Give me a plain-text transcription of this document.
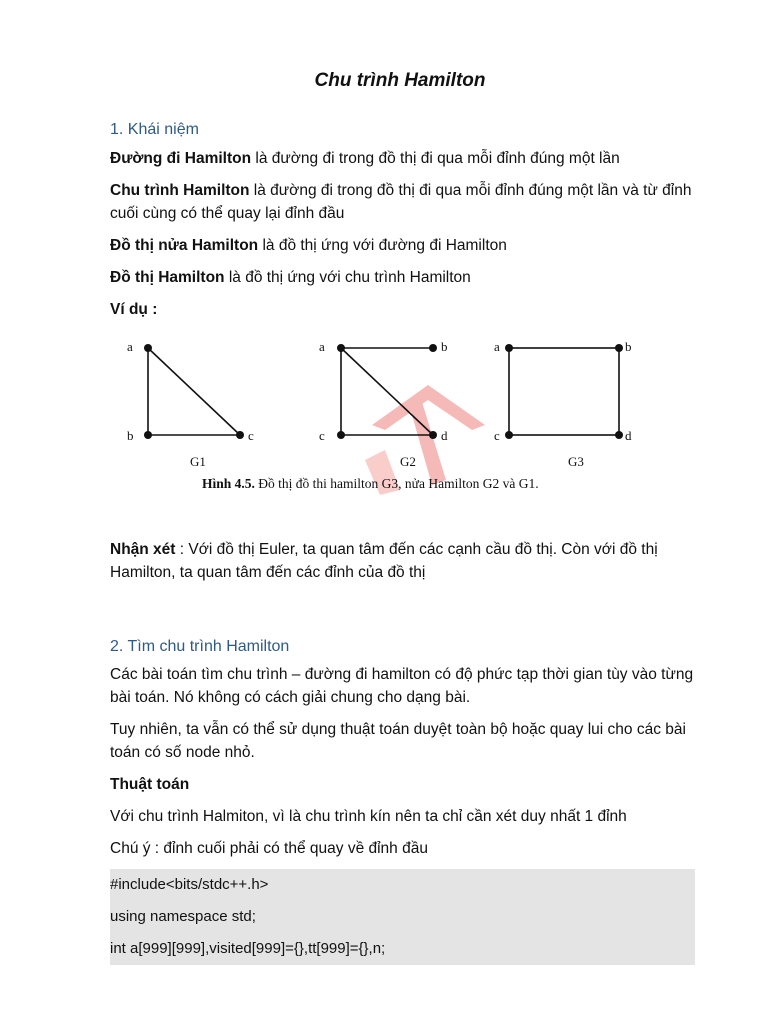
Chu trình Hamilton
1. Khái niệm
Đường đi Hamilton là đường đi trong đồ thị đi qua mỗi đỉnh đúng một lần
Chu trình Hamilton là đường đi trong đồ thị đi qua mỗi đỉnh đúng một lần và từ đỉnh cuối cùng có thể quay lại đỉnh đầu
Đồ thị nửa Hamilton là đồ thị ứng với đường đi Hamilton
Đồ thị Hamilton là đồ thị ứng với chu trình Hamilton
Ví dụ :
a
b	c
G1
a	b
c	d
G2
a	b
c	d
G3
Hình 4.5. Đồ thị đồ thi hamilton G3, nửa Hamilton G2 và G1.
Nhận xét : Với đồ thị Euler, ta quan tâm đến các cạnh cầu đồ thị. Còn với đồ thị Hamilton, ta quan tâm đến các đỉnh của đồ thị
2. Tìm chu trình Hamilton
Các bài toán tìm chu trình – đường đi hamilton có độ phức tạp thời gian tùy vào từng bài toán. Nó không có cách giải chung cho dạng bài.
Tuy nhiên, ta vẫn có thể sử dụng thuật toán duyệt toàn bộ hoặc quay lui cho các bài toán có số node nhỏ.
Thuật toán
Với chu trình Halmiton, vì là chu trình kín nên ta chỉ cần xét duy nhất 1 đỉnh
Chú ý : đỉnh cuối phải có thể quay về đỉnh đầu
#include<bits/stdc++.h>
using namespace std;
int a[999][999],visited[999]={},tt[999]={},n;
